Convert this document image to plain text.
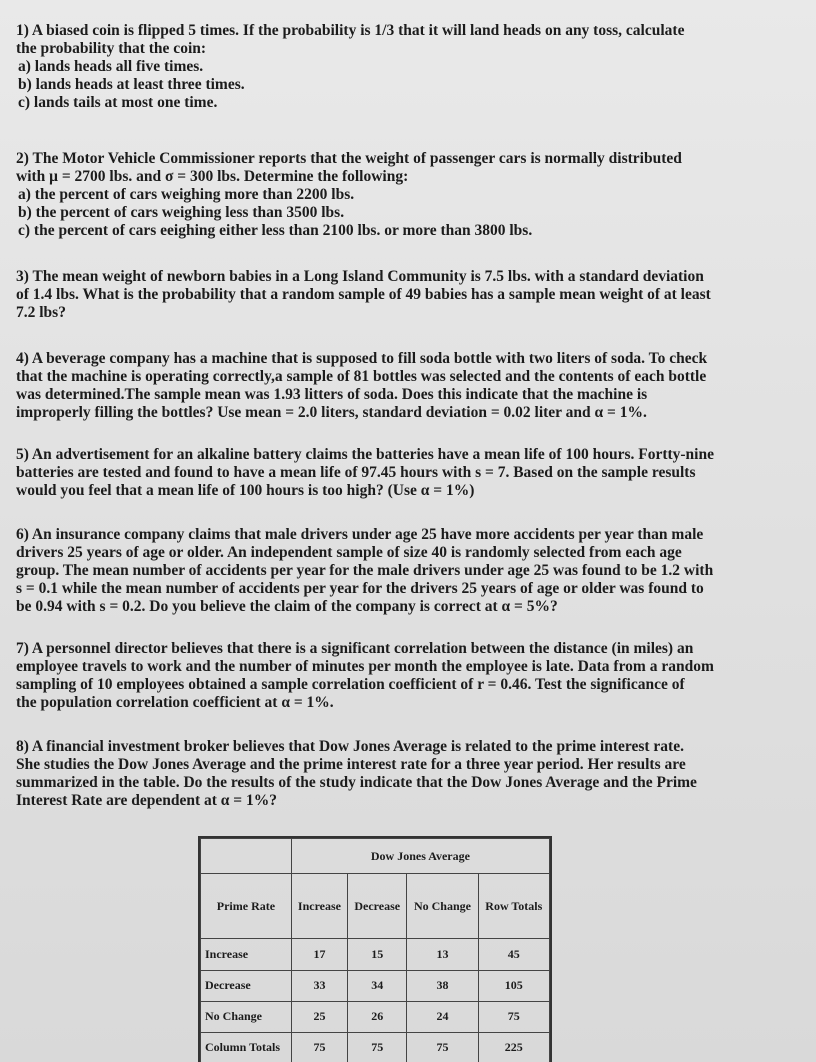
1) A biased coin is flipped 5 times. If the probability is 1/3 that it will land heads on any toss, calculate
the probability that the coin:
a) lands heads all five times.
b) lands heads at least three times.
c) lands tails at most one time.
2) The Motor Vehicle Commissioner reports that the weight of passenger cars is normally distributed
with μ = 2700 lbs. and σ = 300 lbs. Determine the following:
a) the percent of cars weighing more than 2200 lbs.
b) the percent of cars weighing less than 3500 lbs.
c) the percent of cars eeighing either less than 2100 lbs. or more than 3800 lbs.
3) The mean weight of newborn babies in a Long Island Community is 7.5 lbs. with a standard deviation
of 1.4 lbs. What is the probability that a random sample of 49 babies has a sample mean weight of at least
7.2 lbs?
4) A beverage company has a machine that is supposed to fill soda bottle with two liters of soda. To check
that the machine is operating correctly,a sample of 81 bottles was selected and the contents of each bottle
was determined.The sample mean was 1.93 litters of soda. Does this indicate that the machine is
improperly filling the bottles? Use mean = 2.0 liters, standard deviation = 0.02 liter and α = 1%.
5) An advertisement for an alkaline battery claims the batteries have a mean life of 100 hours. Fortty-nine
batteries are tested and found to have a mean life of 97.45 hours with s = 7. Based on the sample results
would you feel that a mean life of 100 hours is too high? (Use α = 1%)
6) An insurance company claims that male drivers under age 25 have more accidents per year than male
drivers 25 years of age or older. An independent sample of size 40 is randomly selected from each age
group. The mean number of accidents per year for the male drivers under age 25 was found to be 1.2 with
s = 0.1 while the mean number of accidents per year for the drivers 25 years of age or older was found to
be 0.94 with s = 0.2. Do you believe the claim of the company is correct at α = 5%?
7) A personnel director believes that there is a significant correlation between the distance (in miles) an
employee travels to work and the number of minutes per month the employee is late. Data from a random
sampling of 10 employees obtained a sample correlation coefficient of r = 0.46. Test the significance of
the population correlation coefficient at α = 1%.
8) A financial investment broker believes that Dow Jones Average is related to the prime interest rate.
She studies the Dow Jones Average and the prime interest rate for a three year period. Her results are
summarized in the table. Do the results of the study indicate that the Dow Jones Average and the Prime
Interest Rate are dependent at α = 1%?
	Dow Jones Average			
Prime Rate	Increase	Decrease	No Change	Row Totals
Increase	17	15	13	45
Decrease	33	34	38	105
No Change	25	26	24	75
Column Totals	75	75	75	225
